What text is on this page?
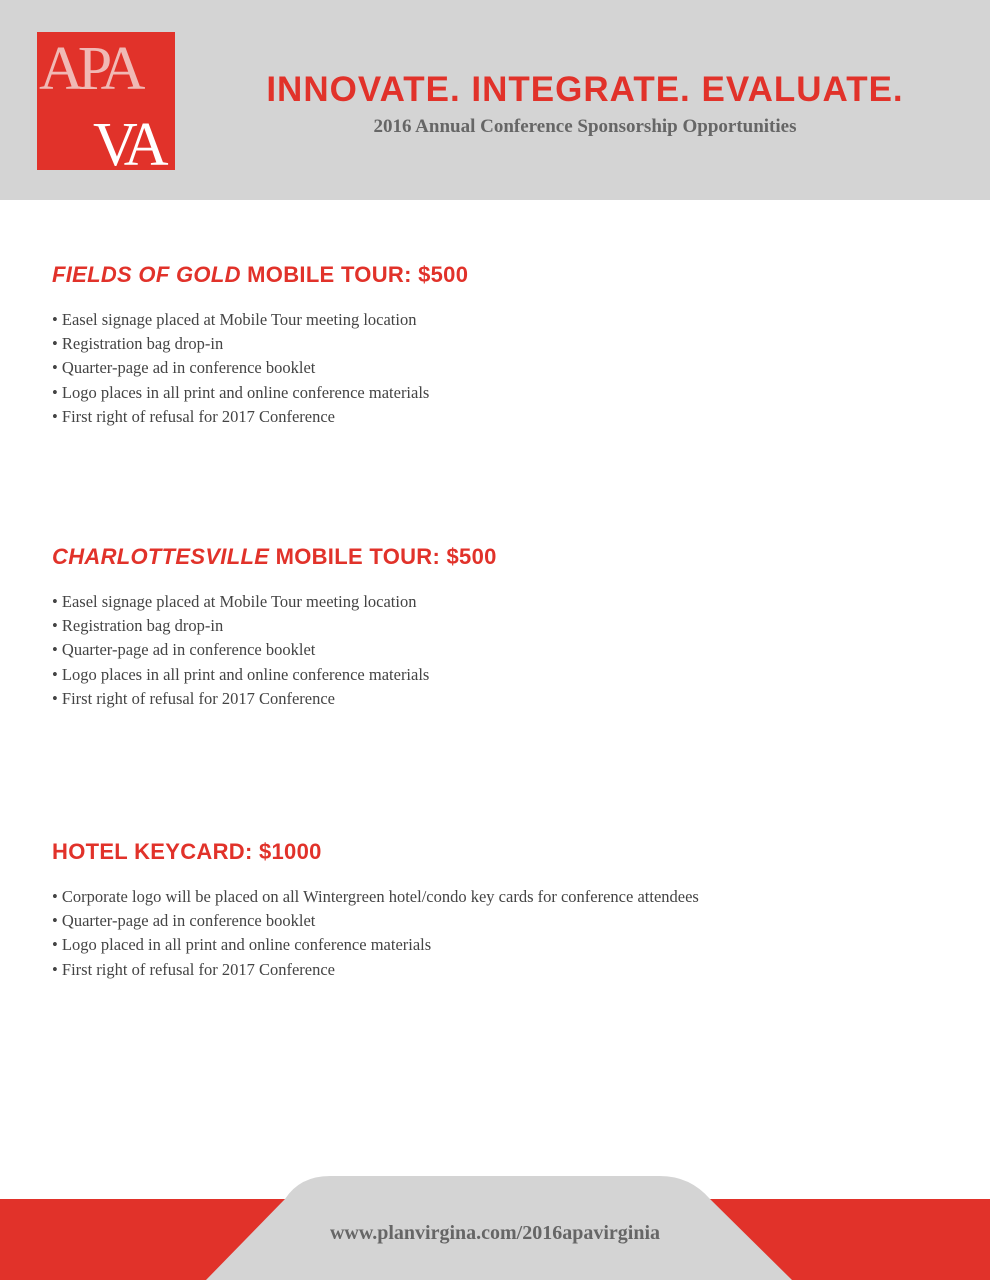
APA
VA
INNOVATE. INTEGRATE. EVALUATE.

2016 Annual Conference Sponsorship Opportunities

FIELDS OF GOLD MOBILE TOUR: $500
• Easel signage placed at Mobile Tour meeting location
• Registration bag drop-in
• Quarter-page ad in conference booklet
• Logo places in all print and online conference materials
• First right of refusal for 2017 Conference
CHARLOTTESVILLE MOBILE TOUR: $500
• Easel signage placed at Mobile Tour meeting location
• Registration bag drop-in
• Quarter-page ad in conference booklet
• Logo places in all print and online conference materials
• First right of refusal for 2017 Conference
HOTEL KEYCARD: $1000
• Corporate logo will be placed on all Wintergreen hotel/condo key cards for conference attendees
• Quarter-page ad in conference booklet
• Logo placed in all print and online conference materials
• First right of refusal for 2017 Conference
www.planvirgina.com/2016apavirginia
